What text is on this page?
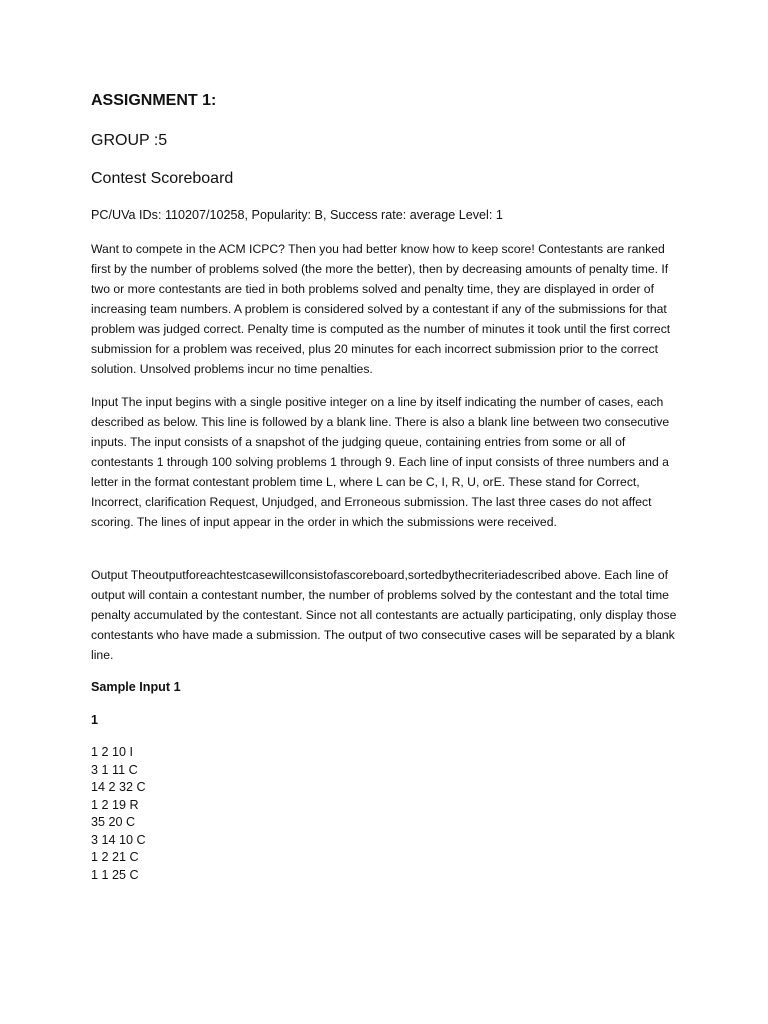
ASSIGNMENT 1:
GROUP :5
Contest Scoreboard

PC/UVa IDs: 110207/10258, Popularity: B, Success rate: average Level: 1

Want to compete in the ACM ICPC? Then you had better know how to keep score! Contestants are ranked first by the number of problems solved (the more the better), then by decreasing amounts of penalty time. If two or more contestants are tied in both problems solved and penalty time, they are displayed in order of increasing team numbers. A problem is considered solved by a contestant if any of the submissions for that problem was judged correct. Penalty time is computed as the number of minutes it took until the first correct submission for a problem was received, plus 20 minutes for each incorrect submission prior to the correct solution. Unsolved problems incur no time penalties.

Input The input begins with a single positive integer on a line by itself indicating the number of cases, each described as below. This line is followed by a blank line. There is also a blank line between two consecutive inputs. The input consists of a snapshot of the judging queue, containing entries from some or all of contestants 1 through 100 solving problems 1 through 9. Each line of input consists of three numbers and a letter in the format contestant problem time L, where L can be C, I, R, U, orE. These stand for Correct, Incorrect, clarification Request, Unjudged, and Erroneous submission. The last three cases do not affect scoring. The lines of input appear in the order in which the submissions were received.

Output Theoutputforeachtestcasewillconsistofascoreboard,sortedbythecriteriadescribed above. Each line of output will contain a contestant number, the number of problems solved by the contestant and the total time penalty accumulated by the contestant. Since not all contestants are actually participating, only display those contestants who have made a submission. The output of two consecutive cases will be separated by a blank line.

Sample Input 1

1

1 2 10 I
3 1 11 C
14 2 32 C
1 2 19 R
35 20 C
3 14 10 C
1 2 21 C
1 1 25 C
